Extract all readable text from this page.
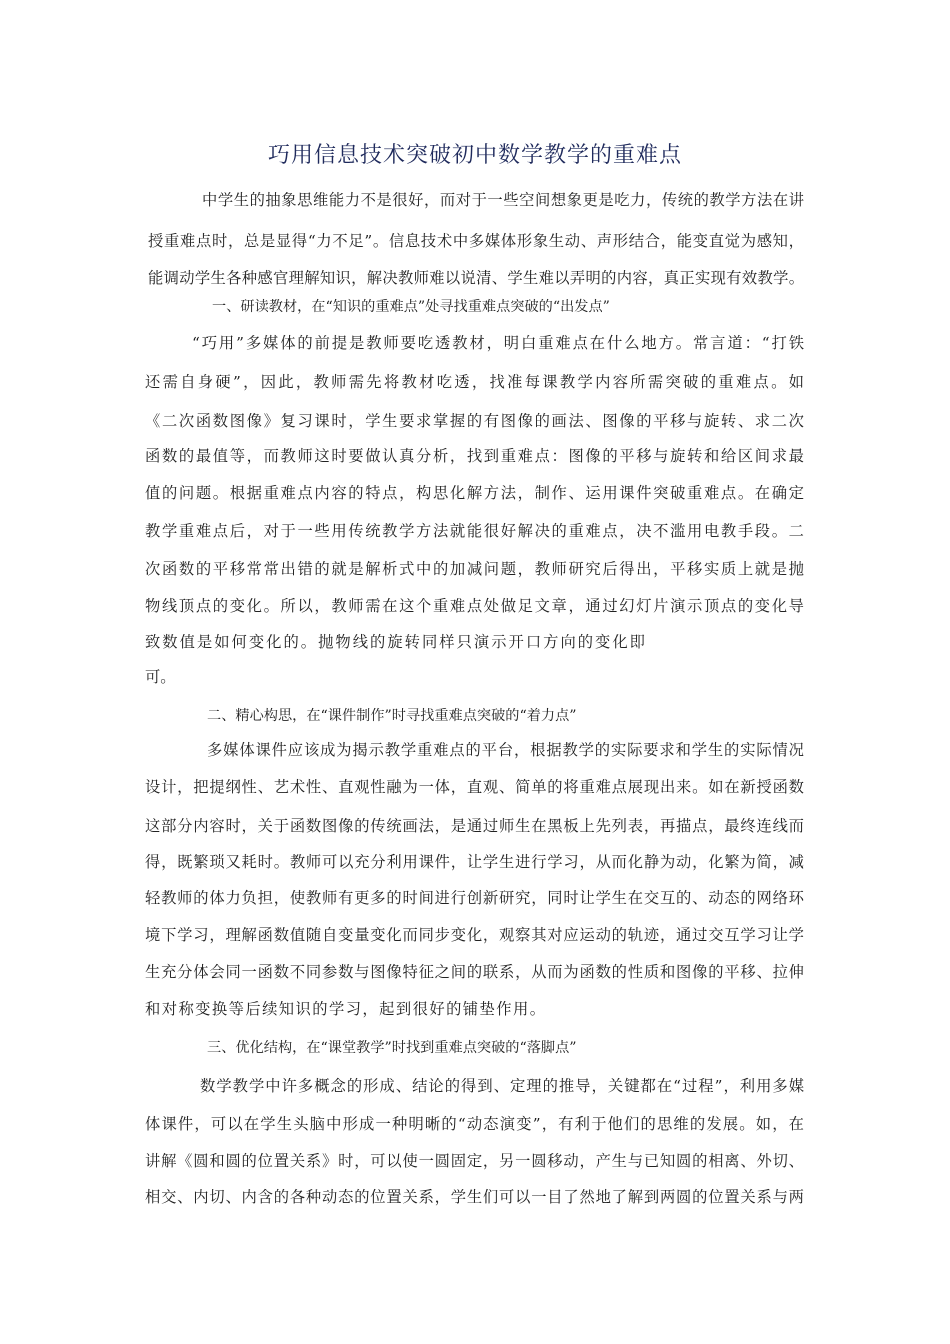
巧用信息技术突破初中数学教学的重难点
中学生的抽象思维能力不是很好，而对于一些空间想象更是吃力，传统的教学方法在讲
授重难点时，总是显得“力不足”。信息技术中多媒体形象生动、声形结合，能变直觉为感知，
能调动学生各种感官理解知识，解决教师难以说清、学生难以弄明的内容，真正实现有效教学。
一、研读教材，在“知识的重难点”处寻找重难点突破的“出发点”
“巧用”多媒体的前提是教师要吃透教材，明白重难点在什么地方。常言道：“打铁
还需自身硬”，因此，教师需先将教材吃透，找准每课教学内容所需突破的重难点。如
《二次函数图像》复习课时，学生要求掌握的有图像的画法、图像的平移与旋转、求二次
函数的最值等，而教师这时要做认真分析，找到重难点：图像的平移与旋转和给区间求最
值的问题。根据重难点内容的特点，构思化解方法，制作、运用课件突破重难点。在确定
教学重难点后，对于一些用传统教学方法就能很好解决的重难点，决不滥用电教手段。二
次函数的平移常常出错的就是解析式中的加减问题，教师研究后得出，平移实质上就是抛
物线顶点的变化。所以，教师需在这个重难点处做足文章，通过幻灯片演示顶点的变化导
致数值是如何变化的。抛物线的旋转同样只演示开口方向的变化即
可。
二、精心构思，在“课件制作”时寻找重难点突破的“着力点”
多媒体课件应该成为揭示教学重难点的平台，根据教学的实际要求和学生的实际情况
设计，把提纲性、艺术性、直观性融为一体，直观、简单的将重难点展现出来。如在新授函数
这部分内容时，关于函数图像的传统画法，是通过师生在黑板上先列表，再描点，最终连线而
得，既繁琐又耗时。教师可以充分利用课件，让学生进行学习，从而化静为动，化繁为简，减
轻教师的体力负担，使教师有更多的时间进行创新研究，同时让学生在交互的、动态的网络环
境下学习，理解函数值随自变量变化而同步变化，观察其对应运动的轨迹，通过交互学习让学
生充分体会同一函数不同参数与图像特征之间的联系，从而为函数的性质和图像的平移、拉伸
和对称变换等后续知识的学习，起到很好的铺垫作用。
三、优化结构，在“课堂教学”时找到重难点突破的“落脚点”
数学教学中许多概念的形成、结论的得到、定理的推导，关键都在“过程”，利用多媒
体课件，可以在学生头脑中形成一种明晰的“动态演变”，有利于他们的思维的发展。如，在
讲解《圆和圆的位置关系》时，可以使一圆固定，另一圆移动，产生与已知圆的相离、外切、
相交、内切、内含的各种动态的位置关系，学生们可以一目了然地了解到两圆的位置关系与两
